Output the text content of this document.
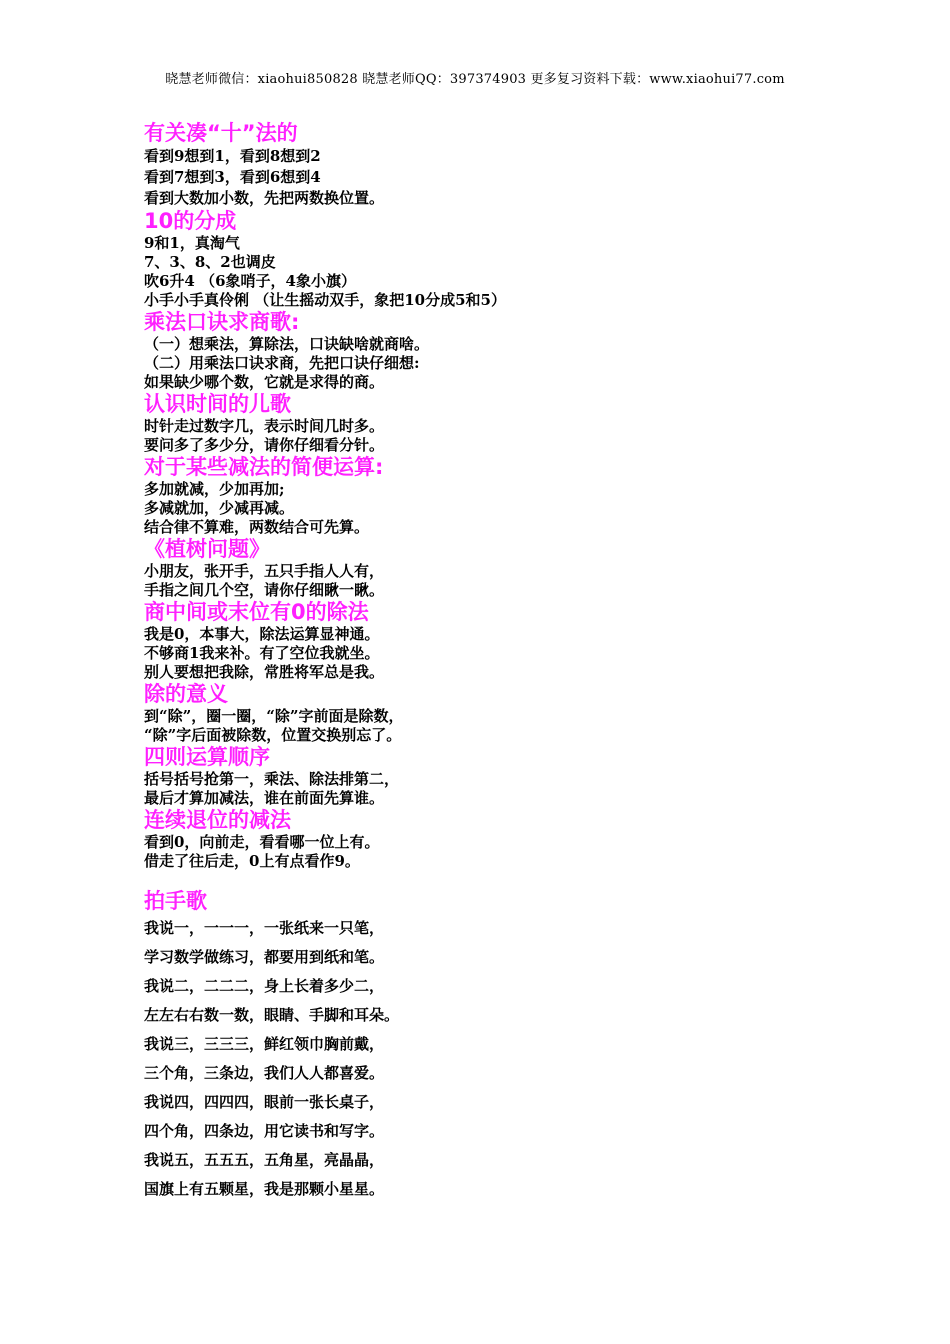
晓慧老师微信：xiaohui850828 晓慧老师QQ：397374903 更多复习资料下载：www.xiaohui77.com
有关凑“十”法的
看到9想到1，看到8想到2
看到7想到3，看到6想到4
看到大数加小数，先把两数换位置。
10的分成
9和1，真淘气
7、3、8、2也调皮
吹6升4 （6象哨子，4象小旗）
小手小手真伶俐 （让生摇动双手，象把10分成5和5）
乘法口诀求商歌:
（一）想乘法，算除法，口诀缺啥就商啥。
（二）用乘法口诀求商，先把口诀仔细想:
如果缺少哪个数，它就是求得的商。
认识时间的儿歌
时针走过数字几，表示时间几时多。
要问多了多少分，请你仔细看分针。
对于某些减法的简便运算:
多加就减，少加再加;
多减就加，少减再减。
结合律不算难，两数结合可先算。
《植树问题》
小朋友，张开手，五只手指人人有，
手指之间几个空，请你仔细瞅一瞅。
商中间或末位有0的除法
我是0，本事大，除法运算显神通。
不够商1我来补。有了空位我就坐。
别人要想把我除，常胜将军总是我。
除的意义
到“除”，圈一圈，“除”字前面是除数，
“除”字后面被除数，位置交换别忘了。
四则运算顺序
括号括号抢第一，乘法、除法排第二，
最后才算加减法，谁在前面先算谁。
连续退位的减法
看到0，向前走，看看哪一位上有。
借走了往后走，0上有点看作9。
拍手歌
我说一，一一一，一张纸来一只笔，
学习数学做练习，都要用到纸和笔。
我说二，二二二，身上长着多少二，
左左右右数一数，眼睛、手脚和耳朵。
我说三，三三三，鲜红领巾胸前戴，
三个角，三条边，我们人人都喜爱。
我说四，四四四，眼前一张长桌子，
四个角，四条边，用它读书和写字。
我说五，五五五，五角星，亮晶晶，
国旗上有五颗星，我是那颗小星星。
